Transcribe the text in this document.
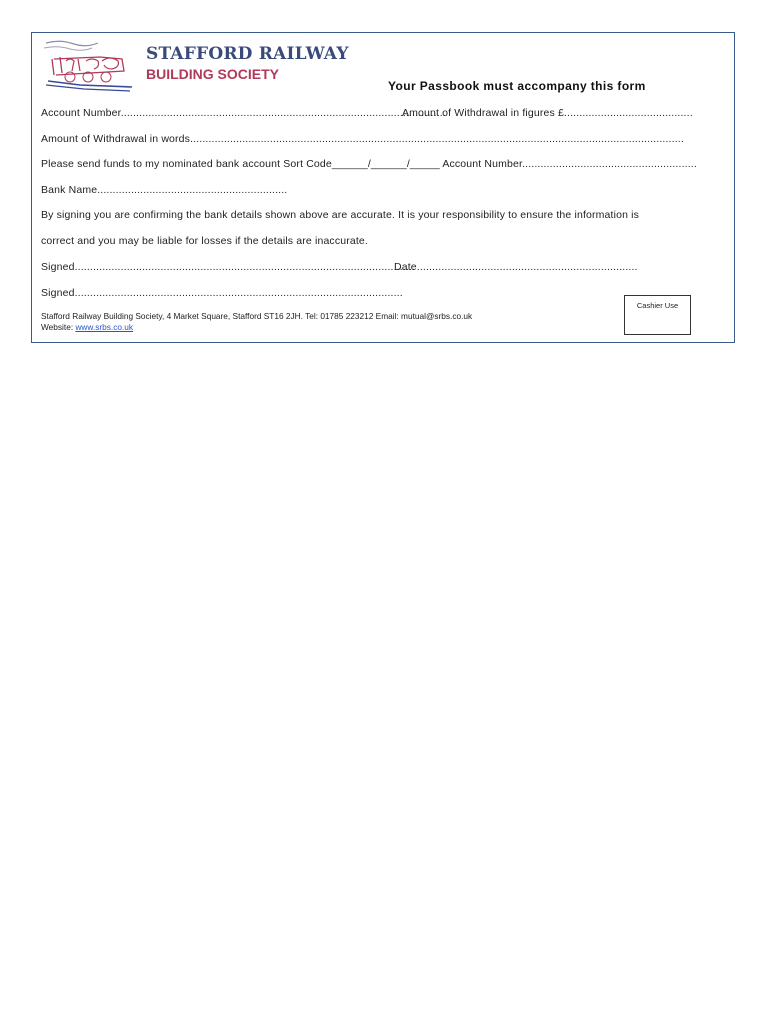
STAFFORD RAILWAY
BUILDING SOCIETY
Your Passbook must accompany this form
Account Number..........................................................................................................
Amount of Withdrawal in figures £..........................................
Amount of Withdrawal in words.................................................................................................................................................................
Please send funds to my nominated bank account Sort Code______/______/_____ Account Number.........................................................
Bank Name..............................................................
By signing you are confirming the bank details shown above are accurate. It is your responsibility to ensure the information is
correct and you may be liable for losses if the details are inaccurate.
Signed...............................................................................................................
Date........................................................................
Signed...........................................................................................................
Cashier Use
Stafford Railway Building Society, 4 Market Square, Stafford ST16 2JH. Tel: 01785 223212 Email: mutual@srbs.co.uk
Website: www.srbs.co.uk
